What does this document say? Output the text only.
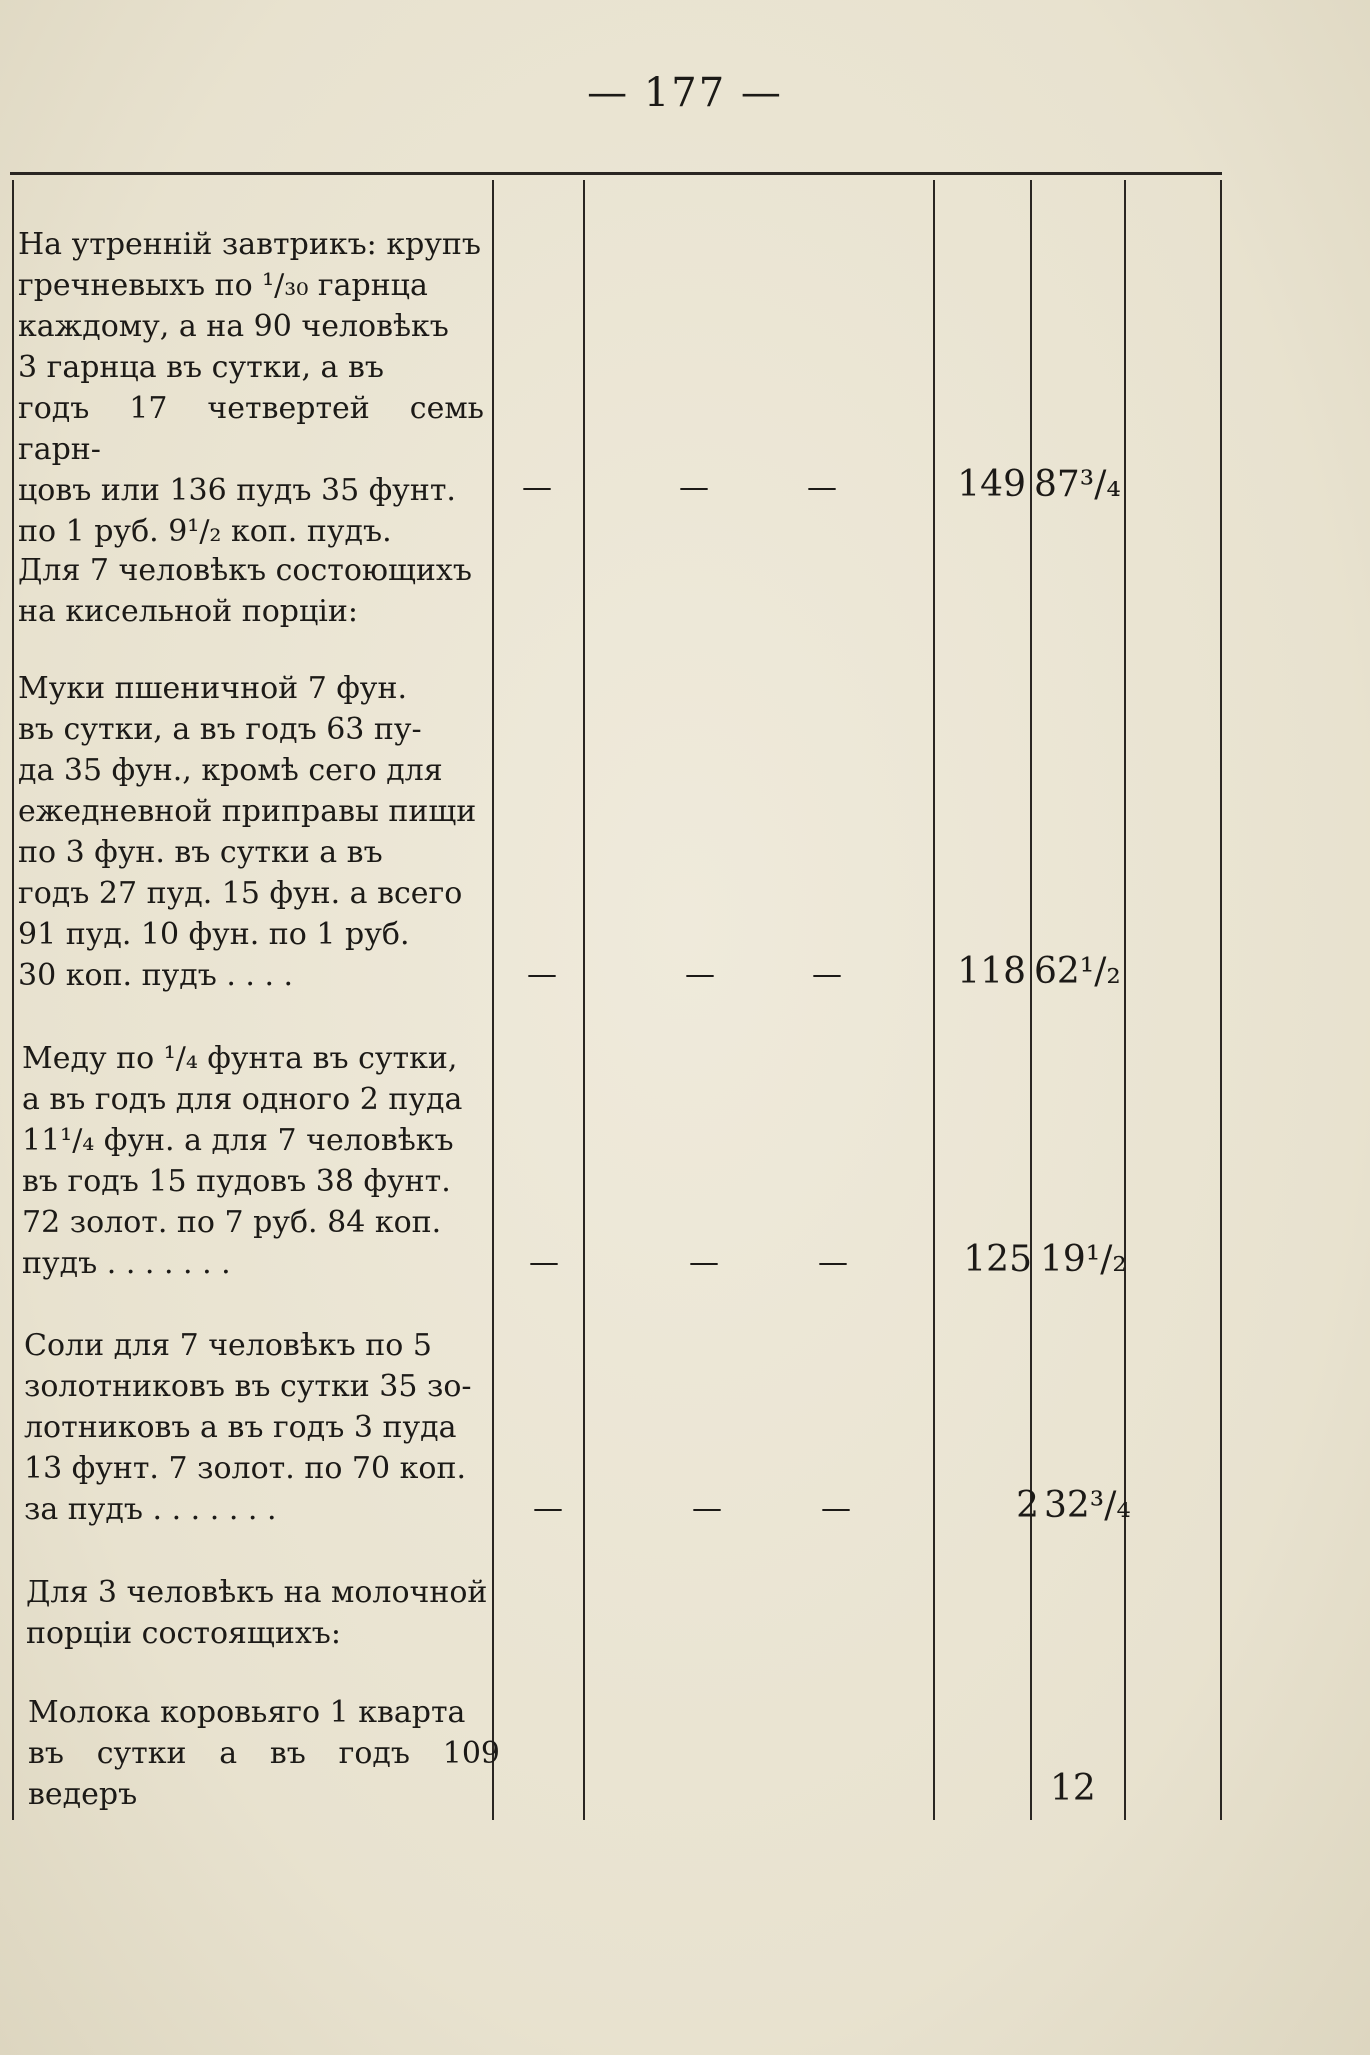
— 177 —
На утренній завтрикъ: крупъ
гречневыхъ по ¹/₃₀ гарнца
каждому, а на 90 человѣкъ
3 гарнца въ сутки, а въ
годъ 17 четвертей семь гарн-
цовъ или 136 пудъ 35 фунт.
по 1 руб. 9¹/₂ коп. пудъ.
—	—	—	149 87³/₄
Для 7 человѣкъ состоющихъ
на кисельной порціи:
Муки пшеничной 7 фун.
въ сутки, а въ годъ 63 пу-
да 35 фун., кромѣ сего для
ежедневной приправы пищи
по 3 фун. въ сутки а въ
годъ 27 пуд. 15 фун. а всего
91 пуд. 10 фун. по 1 руб.
30 коп. пудъ . . . .	—	—	—	118 62¹/₂
Меду по ¹/₄ фунта въ сутки,
а въ годъ для одного 2 пуда
11¹/₄ фун. а для 7 человѣкъ
въ годъ 15 пудовъ 38 фунт.
72 золот. по 7 руб. 84 коп.
пудъ . . . . . . .	—	—	—	125 19¹/₂
Соли для 7 человѣкъ по 5
золотниковъ въ сутки 35 зо-
лотниковъ а въ годъ 3 пуда
13 фунт. 7 золот. по 70 коп.
за пудъ . . . . . . .	—	—	—	2 32³/₄
Для 3 человѣкъ на молочной
порціи состоящихъ:
Молока коровьяго 1 кварта
въ сутки а въ годъ 109 ведеръ	12
